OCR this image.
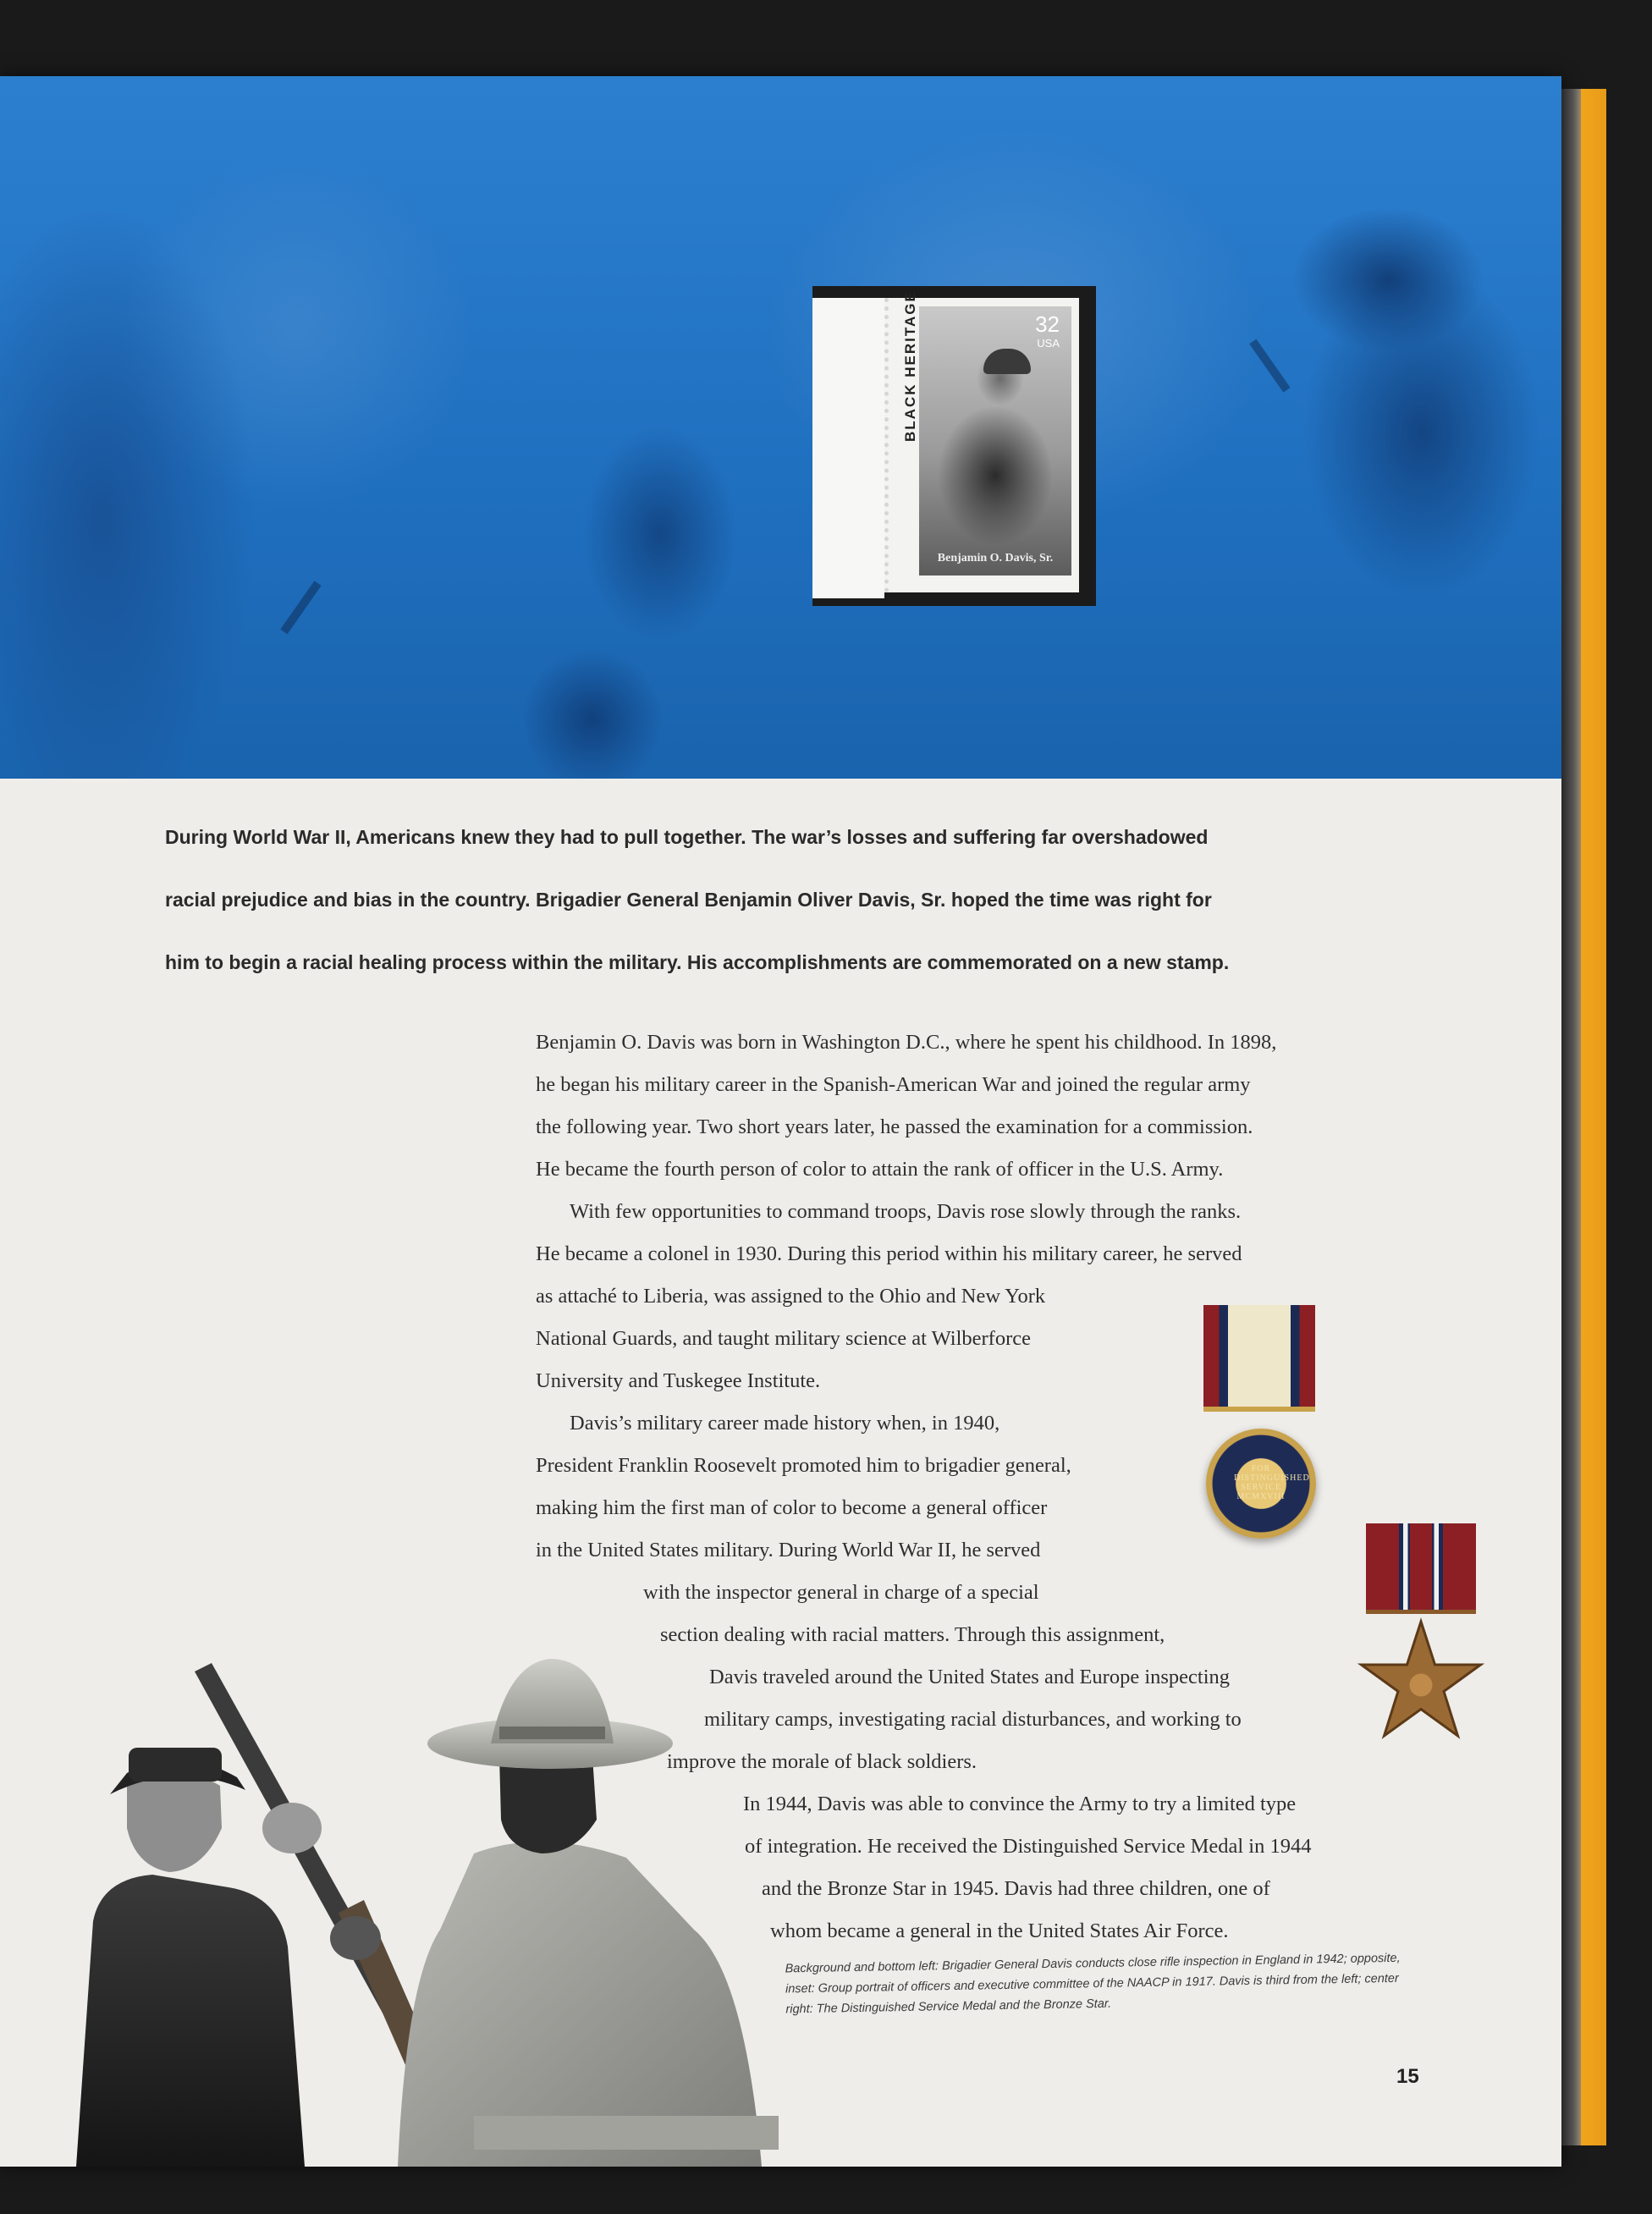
32
USA
Benjamin O. Davis, Sr.
BLACK HERITAGE

During World War II, Americans knew they had to pull together. The war’s losses and suffering far overshadowed

racial prejudice and bias in the country. Brigadier General Benjamin Oliver Davis, Sr. hoped the time was right for

him to begin a racial healing process within the military. His accomplishments are commemorated on a new stamp.

Benjamin O. Davis was born in Washington D.C., where he spent his childhood. In 1898,
he began his military career in the Spanish-American War and joined the regular army
the following year. Two short years later, he passed the examination for a commission.
He became the fourth person of color to attain the rank of officer in the U.S. Army.
With few opportunities to command troops, Davis rose slowly through the ranks.
He became a colonel in 1930. During this period within his military career, he served
as attaché to Liberia, was assigned to the Ohio and New York
National Guards, and taught military science at Wilberforce
University and Tuskegee Institute.
Davis’s military career made history when, in 1940,
President Franklin Roosevelt promoted him to brigadier general,
making him the first man of color to become a general officer
in the United States military. During World War II, he served
with the inspector general in charge of a special
section dealing with racial matters. Through this assignment,
Davis traveled around the United States and Europe inspecting
military camps, investigating racial disturbances, and working to
improve the morale of black soldiers.
In 1944, Davis was able to convince the Army to try a limited type
of integration. He received the Distinguished Service Medal in 1944
and the Bronze Star in 1945. Davis had three children, one of
whom became a general in the United States Air Force.
Background and bottom left: Brigadier General Davis conducts close rifle inspection in England in 1942; opposite, inset: Group portrait of officers and executive committee of the NAACP in 1917. Davis is third from the left; center right: The Distinguished Service Medal and the Bronze Star.
15
FOR DISTINGUISHED SERVICE
MCMXVIII
